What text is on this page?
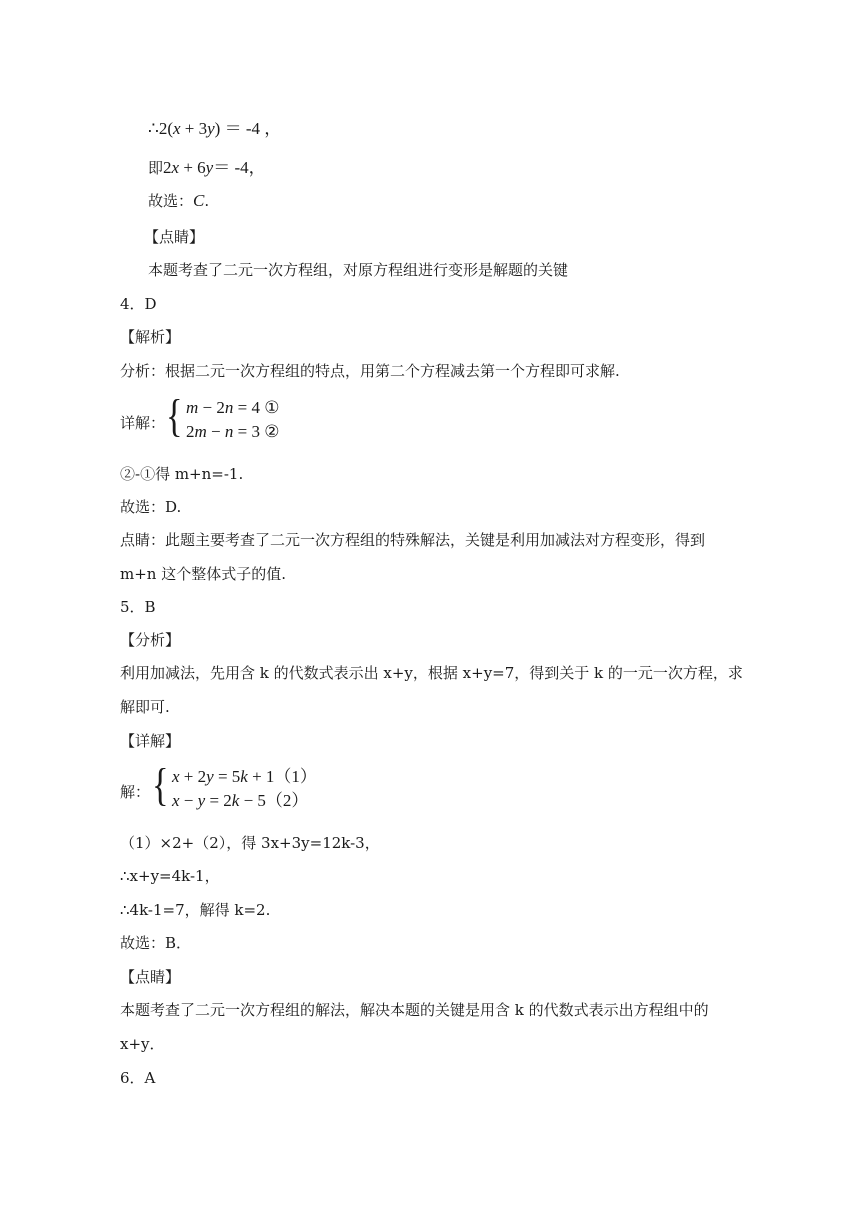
∴2(x + 3y) ＝ -4 ，
即2x + 6y＝ -4，
故选：C.
【点睛】
本题考查了二元一次方程组，对原方程组进行变形是解题的关键
4．D
【解析】
分析：根据二元一次方程组的特点，用第二个方程减去第一个方程即可求解.
详解： { m − 2n = 4 ①
2m − n = 3 ②
②-①得 m+n=-1.
故选：D.
点睛：此题主要考查了二元一次方程组的特殊解法，关键是利用加减法对方程变形，得到
m+n 这个整体式子的值.
5．B
【分析】
利用加减法，先用含 k 的代数式表示出 x+y，根据 x+y=7，得到关于 k 的一元一次方程，求
解即可.
【详解】
解： { x + 2y = 5k + 1（1）
x − y = 2k − 5（2）
（1）×2+（2），得 3x+3y=12k-3，
∴x+y=4k-1，
∴4k-1=7，解得 k=2.
故选：B．
【点睛】
本题考查了二元一次方程组的解法，解决本题的关键是用含 k 的代数式表示出方程组中的
x+y．
6．A
